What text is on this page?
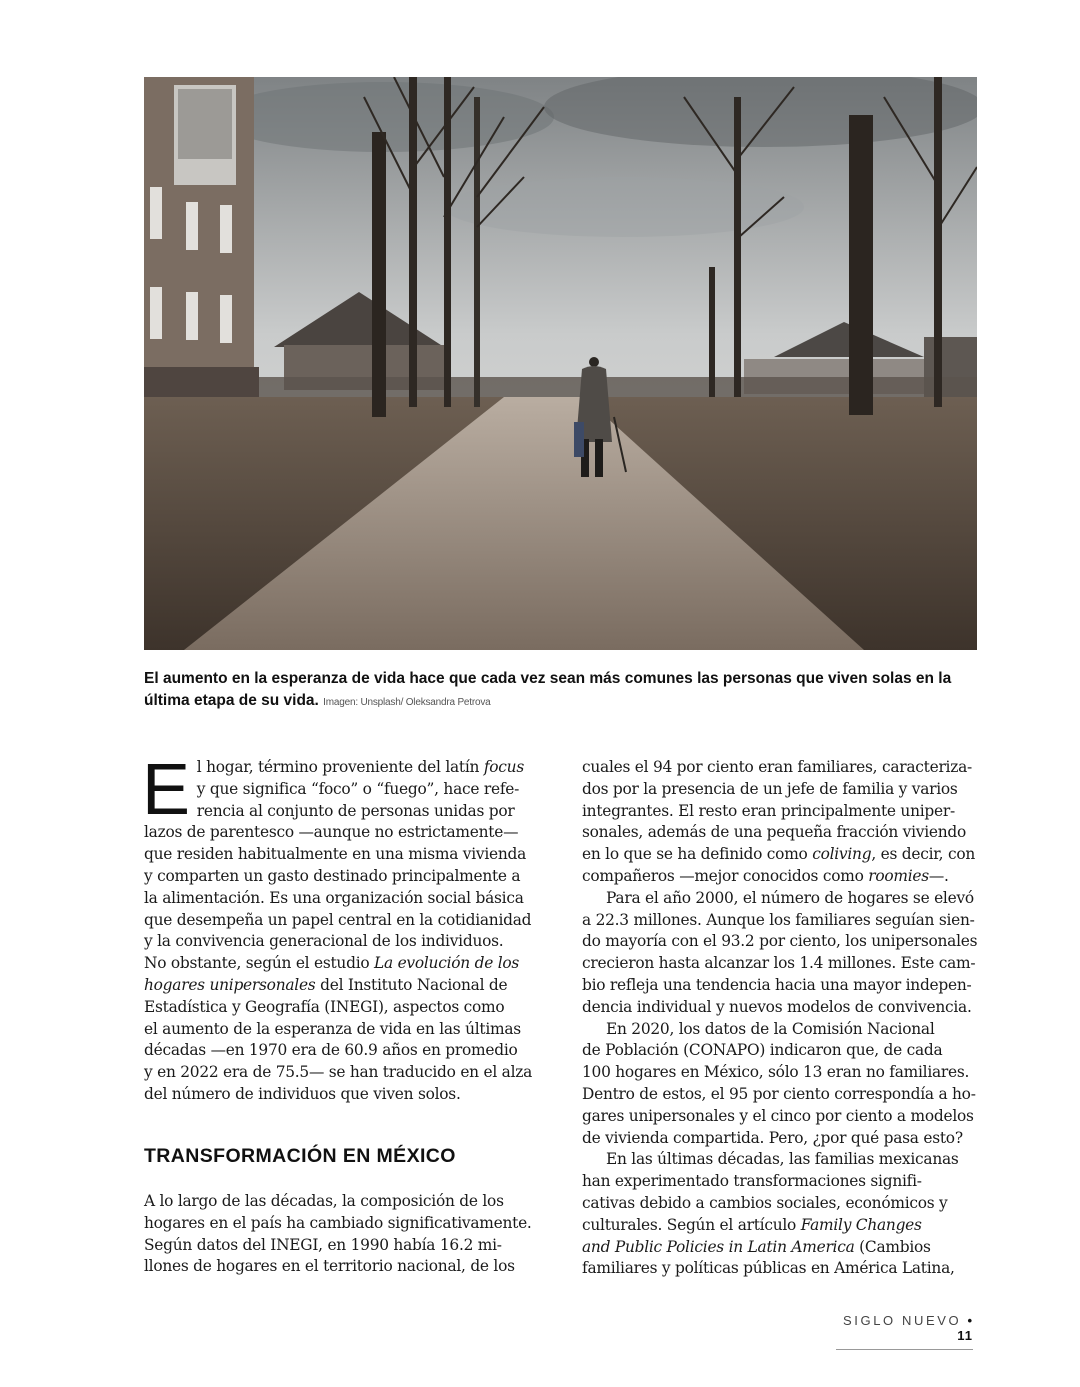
El aumento en la esperanza de vida hace que cada vez sean más comunes las personas que viven solas en la última etapa de su vida. Imagen: Unsplash/ Oleksandra Petrova
E l hogar, término proveniente del latín focus
y que significa “foco” o “fuego”, hace refe-
rencia al conjunto de personas unidas por
lazos de parentesco —aunque no estrictamente—
que residen habitualmente en una misma vivienda
y comparten un gasto destinado principalmente a
la alimentación. Es una organización social básica
que desempeña un papel central en la cotidianidad
y la convivencia generacional de los individuos.
No obstante, según el estudio La evolución de los
hogares unipersonales del Instituto Nacional de
Estadística y Geografía (INEGI), aspectos como
el aumento de la esperanza de vida en las últimas
décadas —en 1970 era de 60.9 años en promedio
y en 2022 era de 75.5— se han traducido en el alza
del número de individuos que viven solos.
TRANSFORMACIÓN EN MÉXICO
A lo largo de las décadas, la composición de los
hogares en el país ha cambiado significativamente.
Según datos del INEGI, en 1990 había 16.2 mi-
llones de hogares en el territorio nacional, de los
cuales el 94 por ciento eran familiares, caracteriza-
dos por la presencia de un jefe de familia y varios
integrantes. El resto eran principalmente uniper-
sonales, además de una pequeña fracción viviendo
en lo que se ha definido como coliving, es decir, con
compañeros —mejor conocidos como roomies—.
Para el año 2000, el número de hogares se elevó
a 22.3 millones. Aunque los familiares seguían sien-
do mayoría con el 93.2 por ciento, los unipersonales
crecieron hasta alcanzar los 1.4 millones. Este cam-
bio refleja una tendencia hacia una mayor indepen-
dencia individual y nuevos modelos de convivencia.
En 2020, los datos de la Comisión Nacional
de Población (CONAPO) indicaron que, de cada
100 hogares en México, sólo 13 eran no familiares.
Dentro de estos, el 95 por ciento correspondía a ho-
gares unipersonales y el cinco por ciento a modelos
de vivienda compartida. Pero, ¿por qué pasa esto?
En las últimas décadas, las familias mexicanas
han experimentado transformaciones signifi-
cativas debido a cambios sociales, económicos y
culturales. Según el artículo Family Changes
and Public Policies in Latin America (Cambios
familiares y políticas públicas en América Latina,
SIGLO NUEVO • 11
